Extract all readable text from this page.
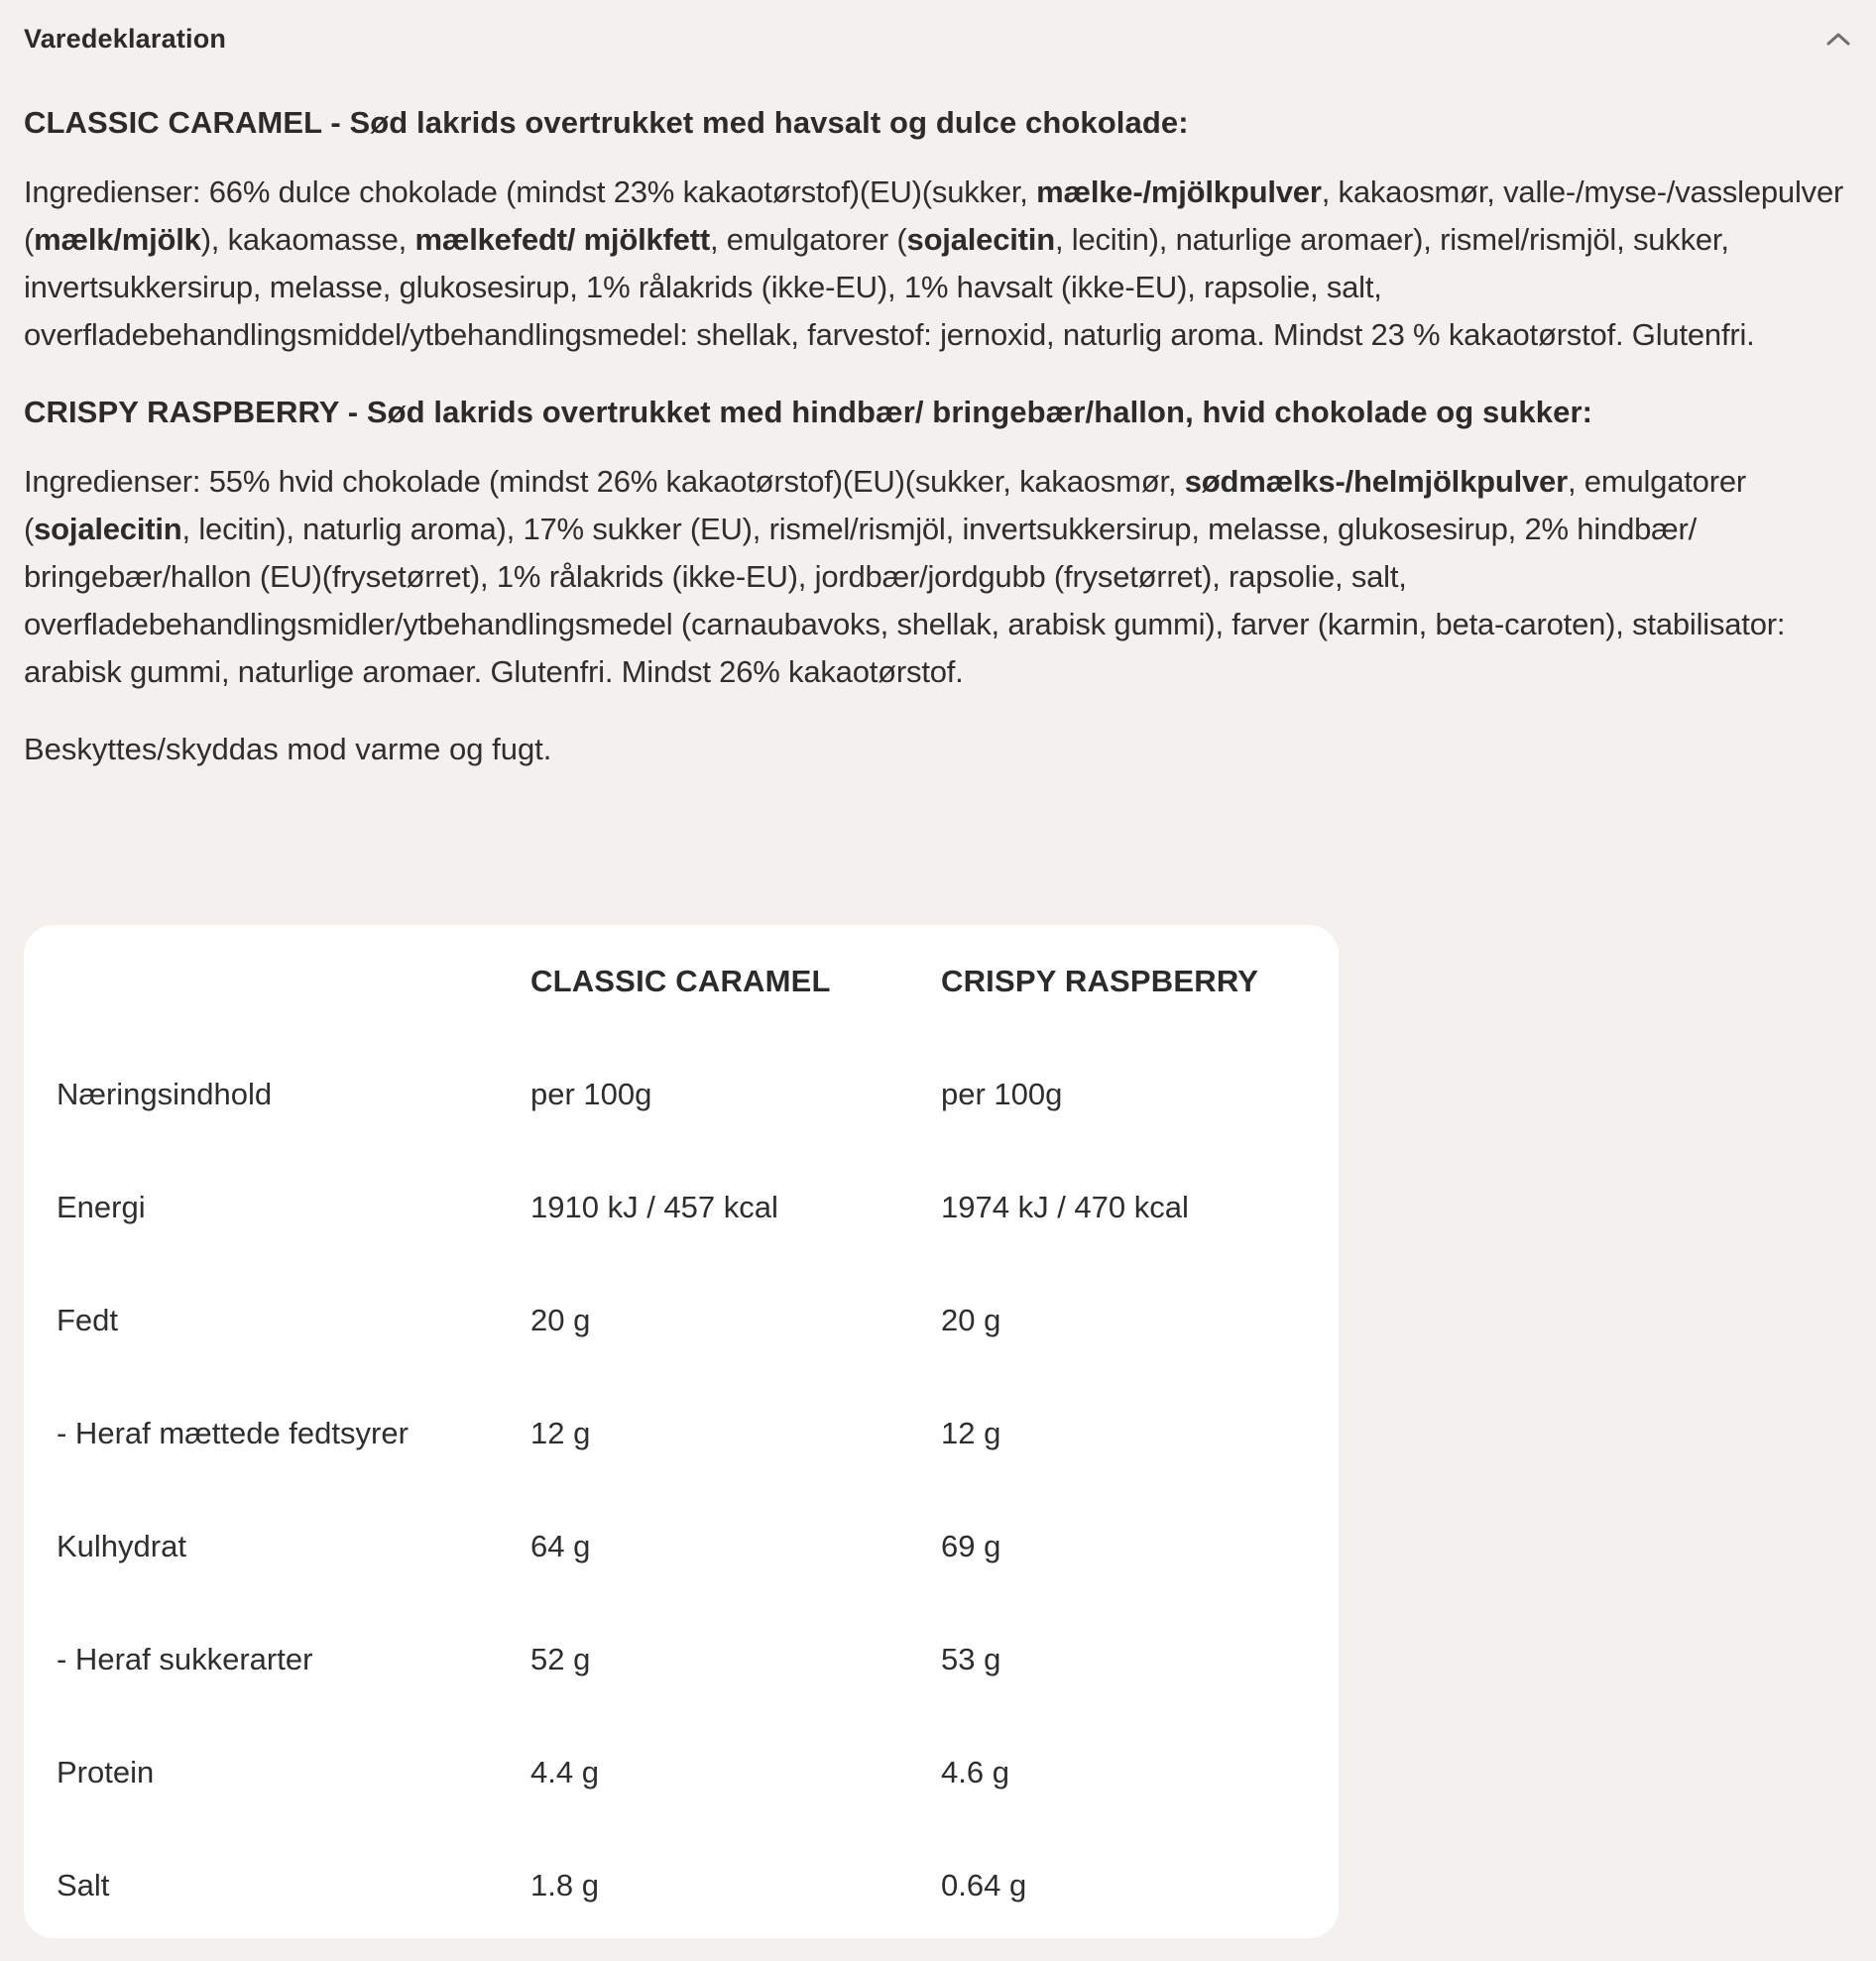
Varedeklaration
CLASSIC CARAMEL - Sød lakrids overtrukket med havsalt og dulce chokolade:

Ingredienser: 66% dulce chokolade (mindst 23% kakaotørstof)(EU)(sukker, mælke-/mjölkpulver, kakaosmør, valle-/myse-/vasslepulver (mælk/mjölk), kakaomasse, mælkefedt/ mjölkfett, emulgatorer (sojalecitin, lecitin), naturlige aromaer), rismel/rismjöl, sukker, invertsukkersirup, melasse, glukosesirup, 1% rålakrids (ikke-EU), 1% havsalt (ikke-EU), rapsolie, salt, overfladebehandlingsmiddel/ytbehandlingsmedel: shellak, farvestof: jernoxid, naturlig aroma. Mindst 23 % kakaotørstof. Glutenfri.

CRISPY RASPBERRY - Sød lakrids overtrukket med hindbær/ bringebær/hallon, hvid chokolade og sukker:

Ingredienser: 55% hvid chokolade (mindst 26% kakaotørstof)(EU)(sukker, kakaosmør, sødmælks-/helmjölkpulver, emulgatorer (sojalecitin, lecitin), naturlig aroma), 17% sukker (EU), rismel/rismjöl, invertsukkersirup, melasse, glukosesirup, 2% hindbær/ bringebær/hallon (EU)(frysetørret), 1% rålakrids (ikke-EU), jordbær/jordgubb (frysetørret), rapsolie, salt, overfladebehandlingsmidler/ytbehandlingsmedel (carnaubavoks, shellak, arabisk gummi), farver (karmin, beta-caroten), stabilisator: arabisk gummi, naturlige aromaer. Glutenfri. Mindst 26% kakaotørstof.

Beskyttes/skyddas mod varme og fugt.

	CLASSIC CARAMEL	CRISPY RASPBERRY
Næringsindhold	per 100g	per 100g
Energi	1910 kJ / 457 kcal	1974 kJ / 470 kcal
Fedt	20 g	20 g
- Heraf mættede fedtsyrer	12 g	12 g
Kulhydrat	64 g	69 g
- Heraf sukkerarter	52 g	53 g
Protein	4.4 g	4.6 g
Salt	1.8 g	0.64 g
